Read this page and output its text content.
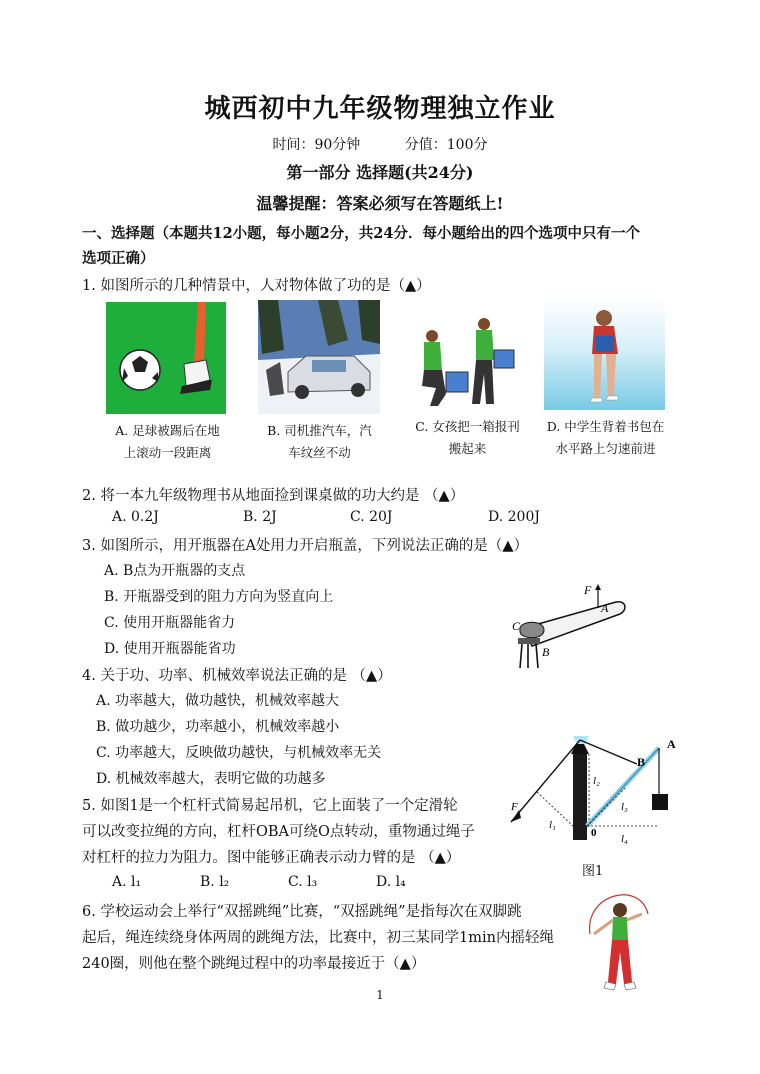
城西初中九年级物理独立作业
时间：90分钟	分值：100分
第一部分 选择题(共24分)
温馨提醒：答案必须写在答题纸上!
一、选择题（本题共12小题，每小题2分，共24分．每小题给出的四个选项中只有一个
选项正确）
1. 如图所示的几种情景中，人对物体做了功的是（▲）
A. 足球被踢后在地
上滚动一段距离
B. 司机推汽车，汽
车纹丝不动
C. 女孩把一箱报刊
搬起来
D. 中学生背着书包在
水平路上匀速前进
2. 将一本九年级物理书从地面捡到课桌做的功大约是 （▲）
A. 0.2J	B. 2J	C. 20J	D. 200J
3. 如图所示，用开瓶器在A处用力开启瓶盖，下列说法正确的是（▲）
A. B点为开瓶器的支点
B. 开瓶器受到的阻力方向为竖直向上
C. 使用开瓶器能省力
D. 使用开瓶器能省功
F
A
C
B
4. 关于功、功率、机械效率说法正确的是 （▲）
A. 功率越大，做功越快，机械效率越大
B. 做功越少，功率越小，机械效率越小
C. 功率越大，反映做功越快，与机械效率无关
D. 机械效率越大，表明它做的功越多
A
B
0
F
l₁
l₂
l₃
l₄
图1
5. 如图1是一个杠杆式简易起吊机，它上面装了一个定滑轮
可以改变拉绳的方向，杠杆OBA可绕O点转动，重物通过绳子
对杠杆的拉力为阻力。图中能够正确表示动力臂的是 （▲）
A. l₁	B. l₂	C. l₃	D. l₄
6. 学校运动会上举行“双摇跳绳”比赛，“双摇跳绳”是指每次在双脚跳
起后，绳连续绕身体两周的跳绳方法，比赛中，初三某同学1min内摇轻绳
240圈，则他在整个跳绳过程中的功率最接近于（▲）
1
